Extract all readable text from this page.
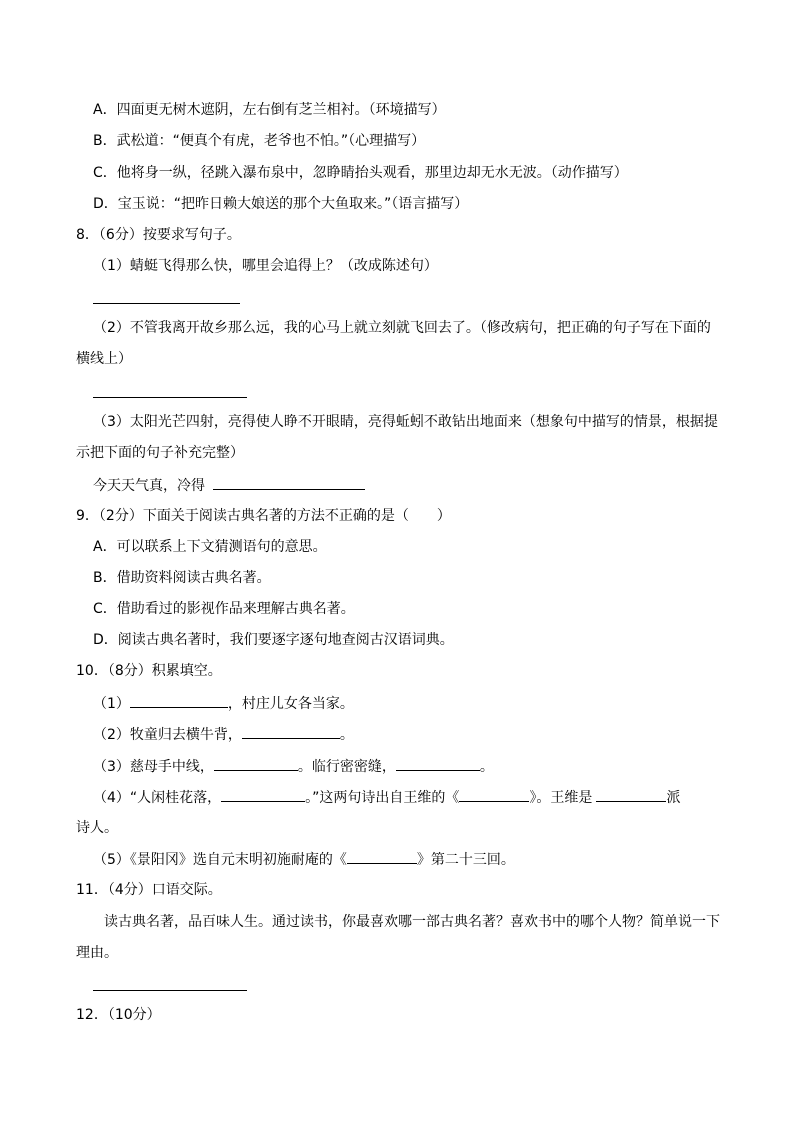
A．四面更无树木遮阴，左右倒有芝兰相衬。（环境描写）
B．武松道：“便真个有虎，老爷也不怕。”（心理描写）
C．他将身一纵，径跳入瀑布泉中，忽睁睛抬头观看，那里边却无水无波。（动作描写）
D．宝玉说：“把昨日赖大娘送的那个大鱼取来。”（语言描写）
8．（6分）按要求写句子。
（1）蜻蜓飞得那么快，哪里会追得上？（改成陈述句）
（2）不管我离开故乡那么远，我的心马上就立刻就飞回去了。（修改病句，把正确的句子写在下面的
横线上）
（3）太阳光芒四射，亮得使人睁不开眼睛，亮得蚯蚓不敢钻出地面来（想象句中描写的情景，根据提
示把下面的句子补充完整）
今天天气真，冷得
9．（2分）下面关于阅读古典名著的方法不正确的是（　　）
A．可以联系上下文猜测语句的意思。
B．借助资料阅读古典名著。
C．借助看过的影视作品来理解古典名著。
D．阅读古典名著时，我们要逐字逐句地查阅古汉语词典。
10．（8分）积累填空。
（1）	，村庄儿女各当家。
（2）牧童归去横牛背，	。
（3）慈母手中线，	。临行密密缝，	。
（4）“人闲桂花落，	。”这两句诗出自王维的《	》。王维是	派
诗人。
（5）《景阳冈》选自元末明初施耐庵的《	》第二十三回。
11．（4分）口语交际。
读古典名著，品百味人生。通过读书，你最喜欢哪一部古典名著？喜欢书中的哪个人物？简单说一下
理由。
12．（10分）
